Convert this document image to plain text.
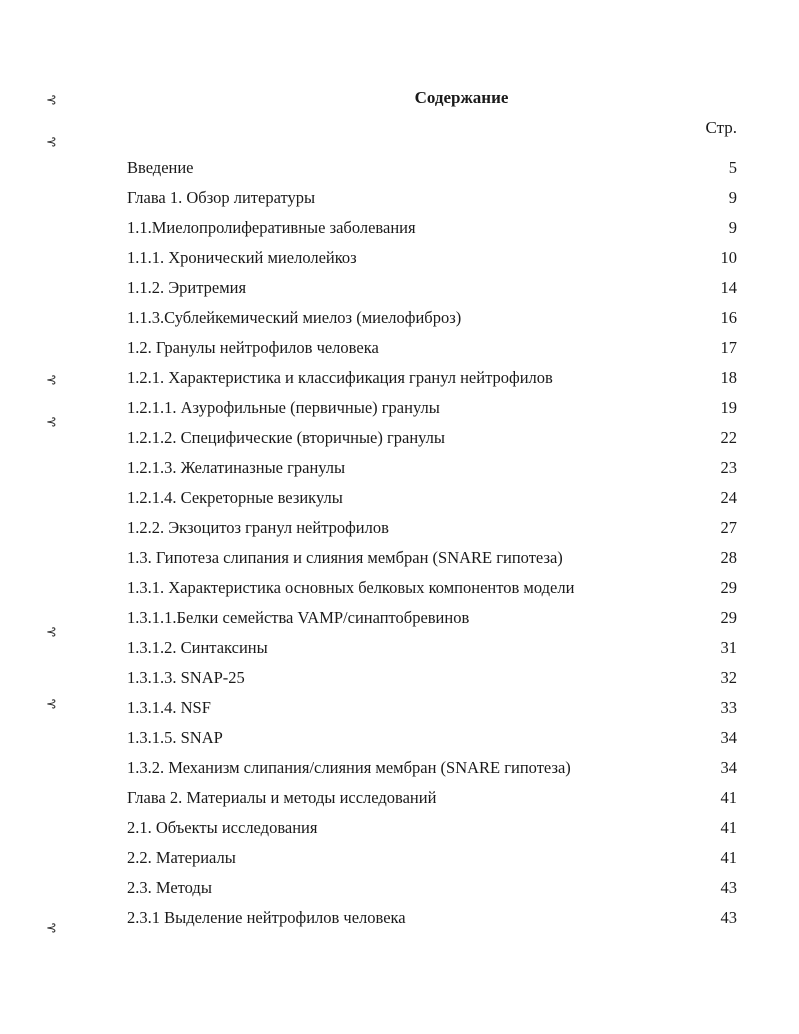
Содержание
Стр.
Введение	5
Глава 1. Обзор литературы	9
1.1.Миелопролиферативные заболевания	9
1.1.1. Хронический миелолейкоз	10
1.1.2. Эритремия	14
1.1.3.Сублейкемический миелоз (миелофиброз)	16
1.2. Гранулы нейтрофилов человека	17
1.2.1. Характеристика и классификация гранул нейтрофилов	18
1.2.1.1. Азурофильные (первичные) гранулы	19
1.2.1.2. Специфические (вторичные) гранулы	22
1.2.1.3. Желатиназные гранулы	23
1.2.1.4. Секреторные везикулы	24
1.2.2. Экзоцитоз гранул нейтрофилов	27
1.3. Гипотеза слипания и слияния мембран (SNARE гипотеза)	28
1.3.1. Характеристика основных белковых компонентов модели	29
1.3.1.1.Белки семейства VAMP/синаптобревинов	29
1.3.1.2. Синтаксины	31
1.3.1.3. SNAP-25	32
1.3.1.4. NSF	33
1.3.1.5. SNAP	34
1.3.2. Механизм слипания/слияния мембран (SNARE гипотеза)	34
Глава 2. Материалы и методы исследований	41
2.1. Объекты исследования	41
2.2. Материалы	41
2.3. Методы	43
2.3.1 Выделение нейтрофилов человека	43
⊰
⊰
⊰
⊰
⊰
⊰
⊰
